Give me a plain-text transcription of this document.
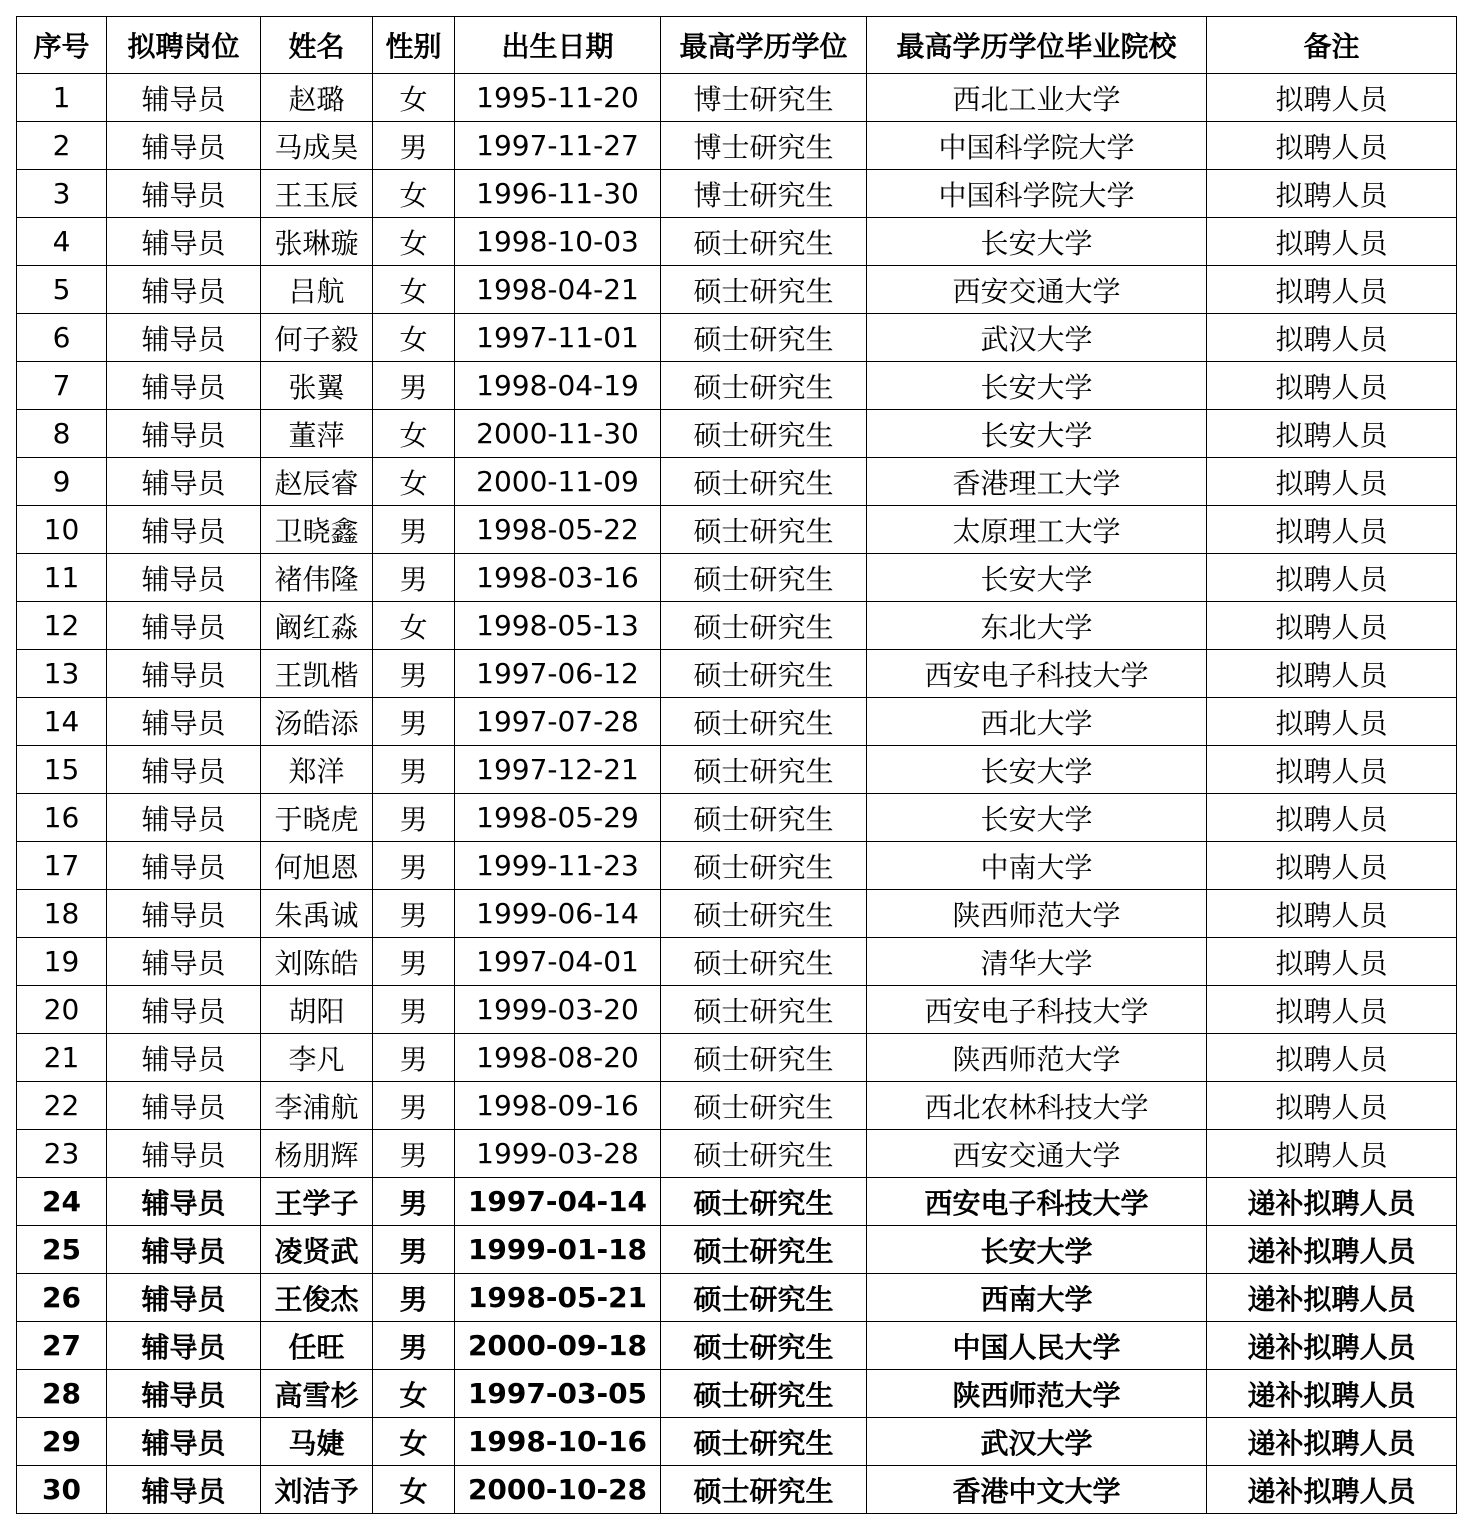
序号	拟聘岗位	姓名	性别	出生日期	最高学历学位	最高学历学位毕业院校	备注
1	辅导员	赵璐	女	1995-11-20	博士研究生	西北工业大学	拟聘人员
2	辅导员	马成昊	男	1997-11-27	博士研究生	中国科学院大学	拟聘人员
3	辅导员	王玉辰	女	1996-11-30	博士研究生	中国科学院大学	拟聘人员
4	辅导员	张琳璇	女	1998-10-03	硕士研究生	长安大学	拟聘人员
5	辅导员	吕航	女	1998-04-21	硕士研究生	西安交通大学	拟聘人员
6	辅导员	何子毅	女	1997-11-01	硕士研究生	武汉大学	拟聘人员
7	辅导员	张翼	男	1998-04-19	硕士研究生	长安大学	拟聘人员
8	辅导员	董萍	女	2000-11-30	硕士研究生	长安大学	拟聘人员
9	辅导员	赵辰睿	女	2000-11-09	硕士研究生	香港理工大学	拟聘人员
10	辅导员	卫晓鑫	男	1998-05-22	硕士研究生	太原理工大学	拟聘人员
11	辅导员	褚伟隆	男	1998-03-16	硕士研究生	长安大学	拟聘人员
12	辅导员	阚红淼	女	1998-05-13	硕士研究生	东北大学	拟聘人员
13	辅导员	王凯楷	男	1997-06-12	硕士研究生	西安电子科技大学	拟聘人员
14	辅导员	汤皓添	男	1997-07-28	硕士研究生	西北大学	拟聘人员
15	辅导员	郑洋	男	1997-12-21	硕士研究生	长安大学	拟聘人员
16	辅导员	于晓虎	男	1998-05-29	硕士研究生	长安大学	拟聘人员
17	辅导员	何旭恩	男	1999-11-23	硕士研究生	中南大学	拟聘人员
18	辅导员	朱禹诚	男	1999-06-14	硕士研究生	陕西师范大学	拟聘人员
19	辅导员	刘陈皓	男	1997-04-01	硕士研究生	清华大学	拟聘人员
20	辅导员	胡阳	男	1999-03-20	硕士研究生	西安电子科技大学	拟聘人员
21	辅导员	李凡	男	1998-08-20	硕士研究生	陕西师范大学	拟聘人员
22	辅导员	李浦航	男	1998-09-16	硕士研究生	西北农林科技大学	拟聘人员
23	辅导员	杨朋辉	男	1999-03-28	硕士研究生	西安交通大学	拟聘人员
24	辅导员	王学子	男	1997-04-14	硕士研究生	西安电子科技大学	递补拟聘人员
25	辅导员	凌贤武	男	1999-01-18	硕士研究生	长安大学	递补拟聘人员
26	辅导员	王俊杰	男	1998-05-21	硕士研究生	西南大学	递补拟聘人员
27	辅导员	任旺	男	2000-09-18	硕士研究生	中国人民大学	递补拟聘人员
28	辅导员	高雪杉	女	1997-03-05	硕士研究生	陕西师范大学	递补拟聘人员
29	辅导员	马婕	女	1998-10-16	硕士研究生	武汉大学	递补拟聘人员
30	辅导员	刘洁予	女	2000-10-28	硕士研究生	香港中文大学	递补拟聘人员
